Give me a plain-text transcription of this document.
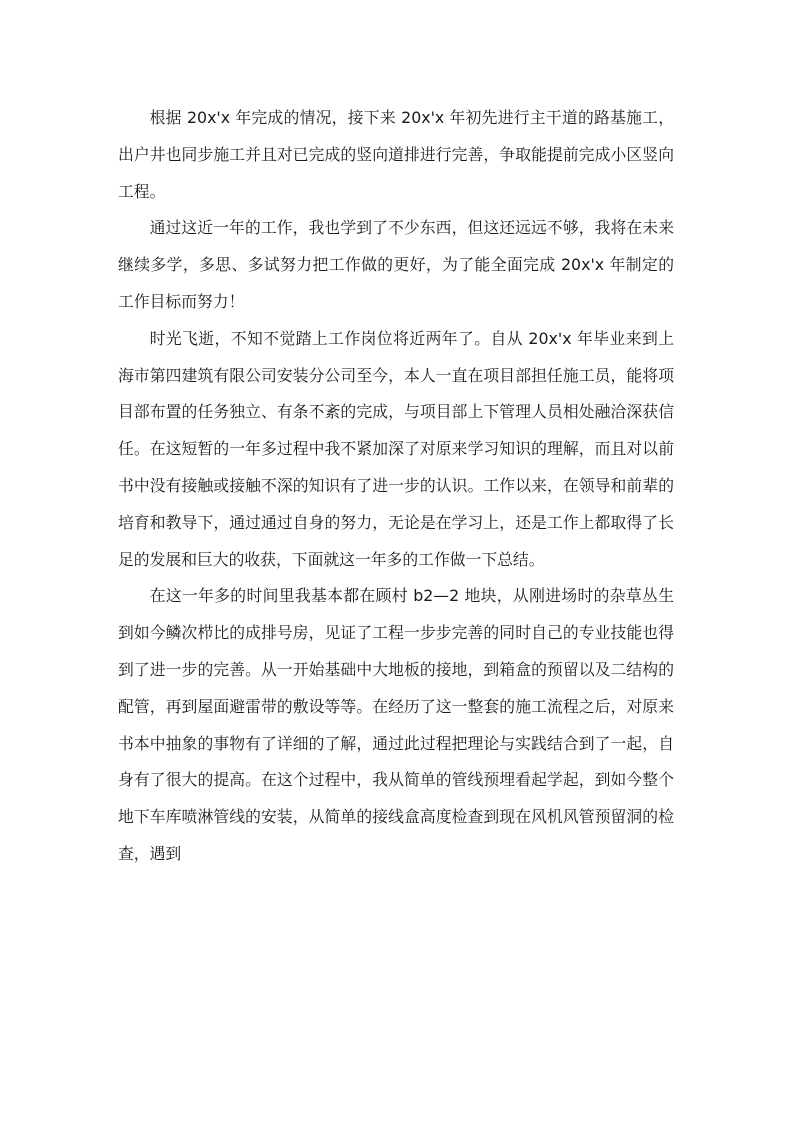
根据 20x'x 年完成的情况，接下来 20x'x 年初先进行主干道的路基施工，出户井也同步施工并且对已完成的竖向道排进行完善，争取能提前完成小区竖向工程。

通过这近一年的工作，我也学到了不少东西，但这还远远不够，我将在未来继续多学，多思、多试努力把工作做的更好，为了能全面完成 20x'x 年制定的工作目标而努力！

时光飞逝，不知不觉踏上工作岗位将近两年了。自从 20x'x 年毕业来到上海市第四建筑有限公司安装分公司至今，本人一直在项目部担任施工员，能将项目部布置的任务独立、有条不紊的完成，与项目部上下管理人员相处融洽深获信任。在这短暂的一年多过程中我不紧加深了对原来学习知识的理解，而且对以前书中没有接触或接触不深的知识有了进一步的认识。工作以来，在领导和前辈的培育和教导下，通过通过自身的努力，无论是在学习上，还是工作上都取得了长足的发展和巨大的收获，下面就这一年多的工作做一下总结。

在这一年多的时间里我基本都在顾村 b2—2 地块，从刚进场时的杂草丛生到如今鳞次栉比的成排号房，见证了工程一步步完善的同时自己的专业技能也得到了进一步的完善。从一开始基础中大地板的接地，到箱盒的预留以及二结构的配管，再到屋面避雷带的敷设等等。在经历了这一整套的施工流程之后，对原来书本中抽象的事物有了详细的了解，通过此过程把理论与实践结合到了一起，自身有了很大的提高。在这个过程中，我从简单的管线预埋看起学起，到如今整个地下车库喷淋管线的安装，从简单的接线盒高度检查到现在风机风管预留洞的检查，遇到
